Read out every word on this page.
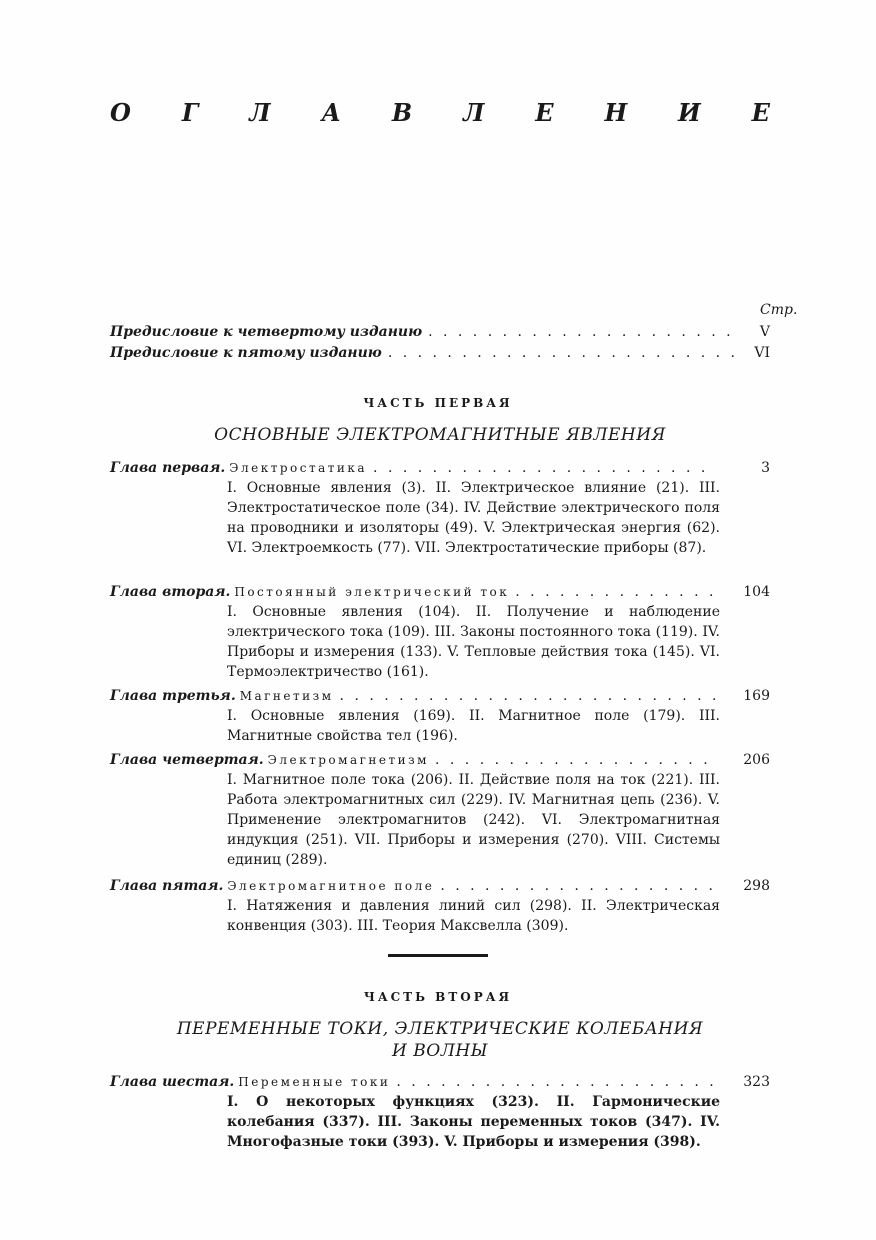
О Г Л А В Л Е Н И Е
Стр.
Предисловие к четвертому изданию . . .	V
Предисловие к пятому изданию . . .	VI
ЧАСТЬ ПЕРВАЯ
ОСНОВНЫЕ ЭЛЕКТРОМАГНИТНЫЕ ЯВЛЕНИЯ
Глава первая. Электростатика . . .	3
I. Основные явления (3). II. Электрическое влияние (21). III. Электростатическое поле (34). IV. Действие электрического поля на проводники и изоляторы (49). V. Электрическая энергия (62). VI. Электроемкость (77). VII. Электростатические приборы (87).
Глава вторая. Постоянный электрический ток . . .	104
I. Основные явления (104). II. Получение и наблюдение электрического тока (109). III. Законы постоянного тока (119). IV. Приборы и измерения (133). V. Тепловые действия тока (145). VI. Термоэлектричество (161).
Глава третья. Магнетизм . . .	169
I. Основные явления (169). II. Магнитное поле (179). III. Магнитные свойства тел (196).
Глава четвертая. Электромагнетизм . . .	206
I. Магнитное поле тока (206). II. Действие поля на ток (221). III. Работа электромагнитных сил (229). IV. Магнитная цепь (236). V. Применение электромагнитов (242). VI. Электромагнитная индукция (251). VII. Приборы и измерения (270). VIII. Системы единиц (289).
Глава пятая. Электромагнитное поле . . .	298
I. Натяжения и давления линий сил (298). II. Электрическая конвенция (303). III. Теория Максвелла (309).
ЧАСТЬ ВТОРАЯ
ПЕРЕМЕННЫЕ ТОКИ, ЭЛЕКТРИЧЕСКИЕ КОЛЕБАНИЯ
И ВОЛНЫ
Глава шестая. Переменные токи . . .	323
I. О некоторых функциях (323). II. Гармонические колебания (337). III. Законы переменных токов (347). IV. Многофазные токи (393). V. Приборы и измерения (398).
